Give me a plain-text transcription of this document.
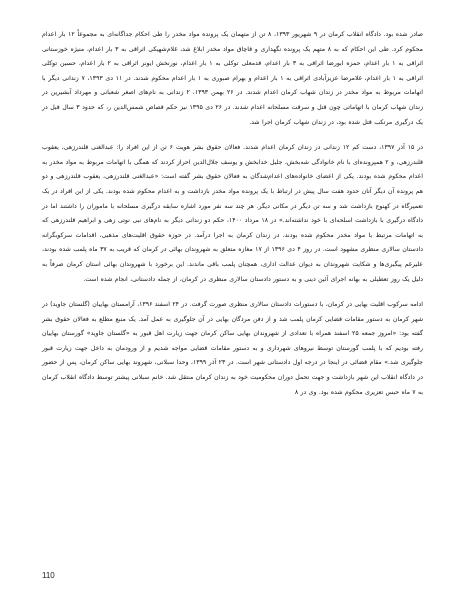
صادر شده بود. دادگاه انقلاب کرمان در ۹ شهریور ۱۳۹۳، ۸ تن از متهمان یک پرونده مواد مخدر را طی احکام جداگانه‌ای به مجموعاً ۱۲ بار اعدام محکوم کرد. طی این احکام که به ۸ متهم یک پرونده نگهداری و قاچاق مواد مخدر ابلاغ شد، غلام‌شهیکی اثراقی به ۳ بار اعدام، منیژه خوزستانی اثراقی به ۱ بار اعدام، حمزه ابورضا اثراقی به ۳ بار اعدام، قدمعلی توکلی به ۱ بار اعدام، نورنخش ایونر اثراقی به ۲ بار اعدام، حسین توکلی اثراقی به ۱ بار اعدام، غلامرضا عزیزآبادی اثراقی به ۱ بار اعدام و بهرام صبوری به ۱ بار اعدام محکوم شدند. در ۱۱ دی ۱۳۹۳، ۷ زندانی دیگر با اتهامات مربوط به مواد مخدر در زندان شهاب کرمان اعدام شدند. در ۲۶ بهمن ۱۳۹۳، ۲ زندانی به نام‌های اصغر شعبانی و مهرداد آبشیرین در زندان شهاب کرمان با اتهاماتی چون قتل و سرقت مسلحانه اعدام شدند. در ۲۶ دی ۱۳۹۵ نیز حکم قصاص شمس‌الدین ر، که حدود ۳ سال قبل در یک درگیری مرتکب قتل شده بود، در زندان شهاب کرمان اجرا شد.

در ۱۵ آذر ۱۳۹۷، دست کم ۱۲ زندانی در زندان کرمان اعدام شدند. فعالان حقوق بشر هویت ۶ تن از این افراد را: عبدالغنی قلندرزهی، یعقوب قلندرزهی، و ۲ همپرونده‌ای با نام خانوادگی شه‌بخش، جلیل خدابخش و یوسف جلال‌الدین احراز کردند که همگی با اتهامات مربوط به مواد مخدر به اعدام محکوم شده بودند. یکی از اعضای خانواده‌های اعدام‌شدگان به فعالان حقوق بشر گفته است: «عبدالغنی قلندرزهی، یعقوب قلندرزهی و دو هم پرونده آن دیگر آنان حدود هفت سال پیش در ارتباط با یک پرونده مواد مخدر بازداشت و به اعدام محکوم شده بودند. یکی از این افراد در یک تعمیرگاه در کهنوج بازداشت شد و سه تن دیگر در مکانی دیگر. هر چند سه نفر مورد اشاره سابقه درگیری مسلحانه با ماموران را داشتند اما در دادگاه درگیری با بازداشت اسلحه‌ای با خود نداشته‌اند.» در ۱۸ مرداد ۱۴۰۰، حکم دو زندانی دیگر به نام‌های نبی نوتی زهی و ابراهیم قلندرزهی که به اتهامات مرتبط با مواد مخدر محکوم شده بودند، در زندان کرمان به اجرا درآمد. در حوزه حقوق اقلیت‌های مذهبی، اقدامات سرکوبگرانه دادستان سالاری منظری مشهود است. در روز ۴ دی ۱۳۹۶ از ۱۷ مغازه متعلق به شهروندان بهائی در کرمان که قریب به ۳۷ ماه پلمب شده بودند، علیرغم پیگیری‌ها و شکایت شهروندان به دیوان عدالت اداری، همچنان پلمب باقی ماندند. این برخورد با شهروندان بهائی استان کرمان صرفاً به دلیل یک روز تعطیلی به بهانه اجرای آئین دینی و به دستور دادستان سالاری منظری در کرمان، از جمله دادستانی، انجام شده است.

ادامه سرکوب اقلیت بهایی در کرمان، با دستورات دادستان سالاری منظری صورت گرفت. در ۲۴ اسفند ۱۳۹۶، آرامستان بهاییان (گلستان جاوید) در شهر کرمان به دستور مقامات قضایی کرمان پلمب شد و از دفن مردگان بهایی در آن جلوگیری به عمل آمد. یک منبع مطلع به فعالان حقوق بشر گفته بود: «امروز جمعه ۲۵ اسفند همراه با تعدادی از شهروندان بهایی ساکن کرمان جهت زیارت اهل قبور به «گلستان جاوید» گورستان بهاییان رفته بودیم که با پلمب گورستان توسط نیروهای شهرداری و به دستور مقامات قضایی مواجه شدیم و از ورودمان به داخل جهت زیارت قبور جلوگیری شد.» مقام قضائی در اینجا در درجه اول دادستانی شهر است. در ۲۳ آذر ۱۳۹۹، وحدا سبلانی، شهروند بهایی ساکن کرمان، پس از حضور در دادگاه انقلاب این شهر بازداشت و جهت تحمل دوران محکومیت خود به زندان کرمان منتقل شد. خانم سبلانی پیشتر توسط دادگاه انقلاب کرمان به ۷ ماه حبس تعزیری محکوم شده بود. وی در ۸

110
